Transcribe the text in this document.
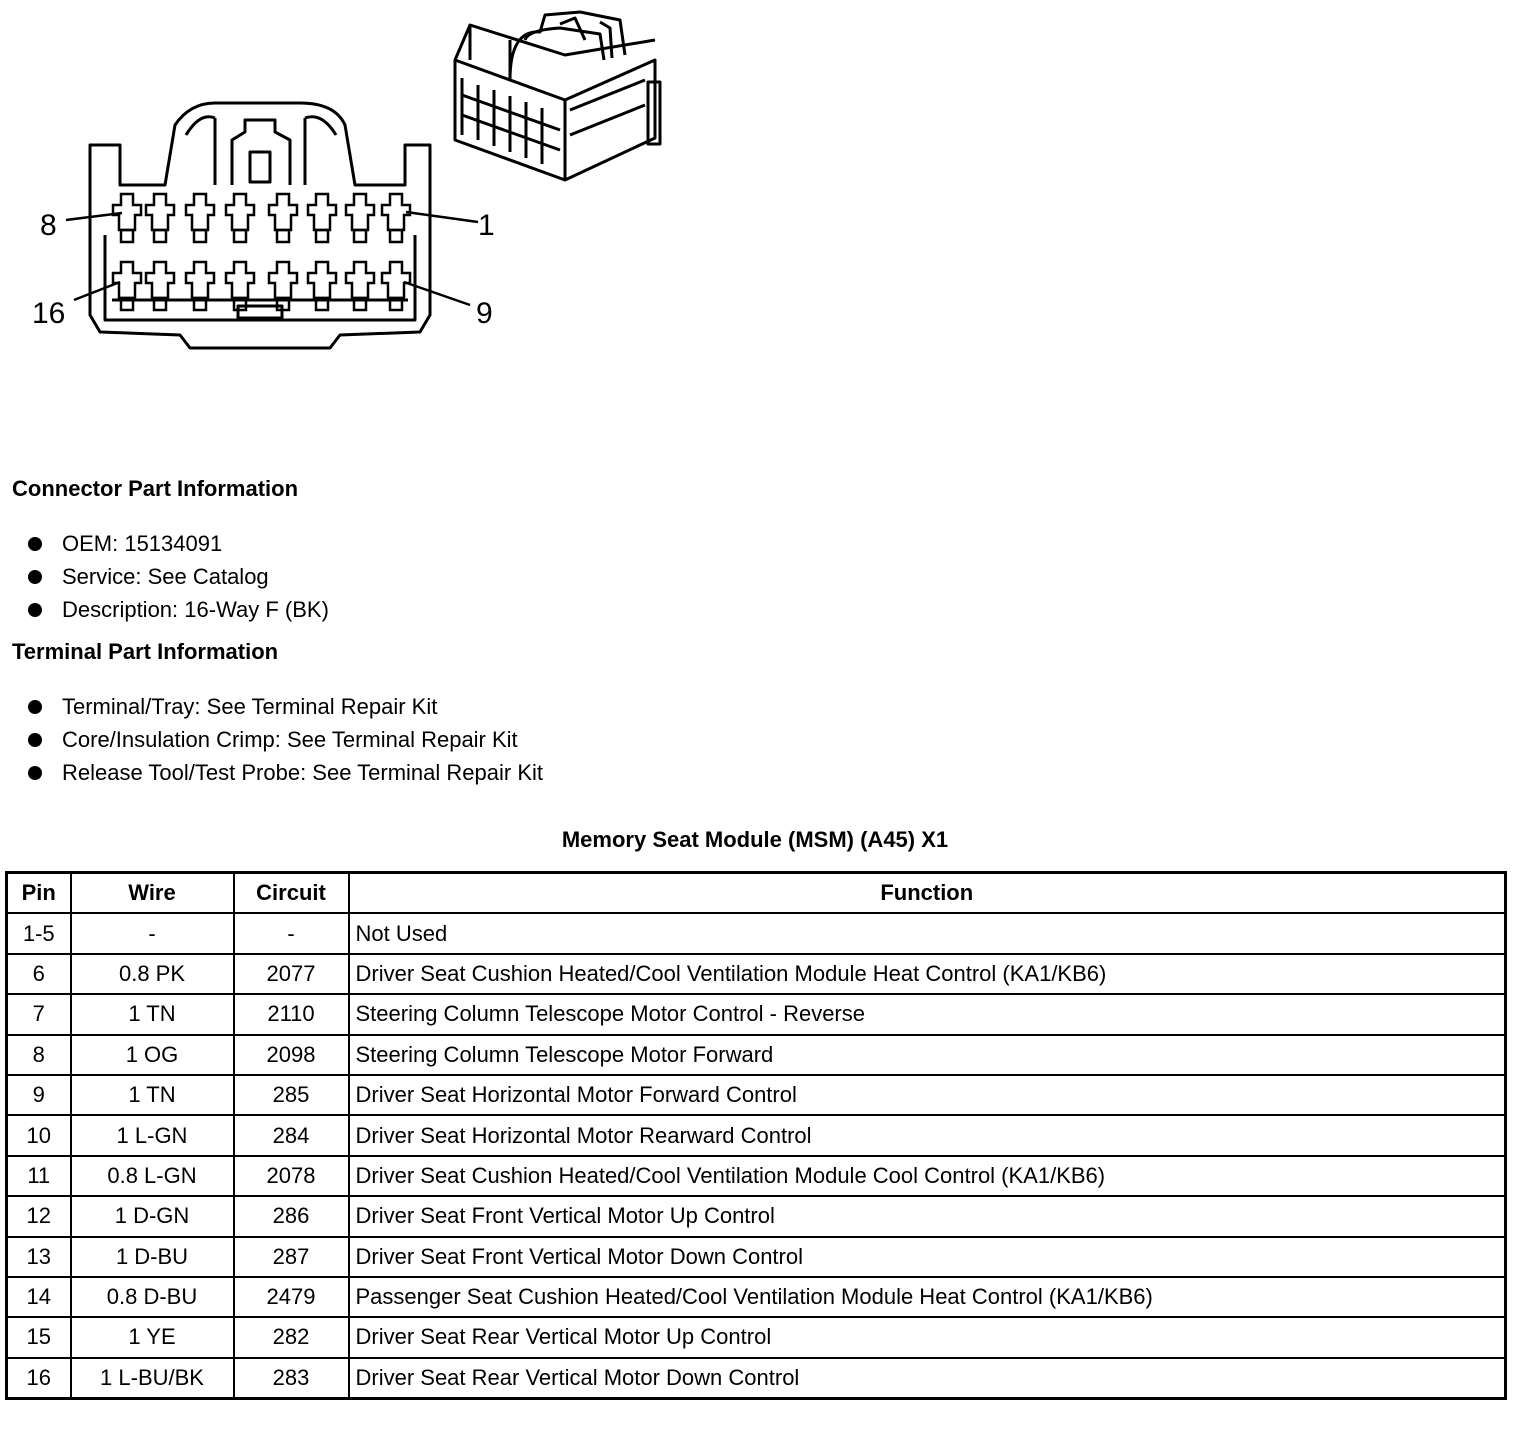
8	1
16	9
Connector Part Information
OEM: 15134091
Service: See Catalog
Description: 16-Way F (BK)
Terminal Part Information
Terminal/Tray: See Terminal Repair Kit
Core/Insulation Crimp: See Terminal Repair Kit
Release Tool/Test Probe: See Terminal Repair Kit
Memory Seat Module (MSM) (A45) X1
Pin	Wire	Circuit	Function
1-5	-	-	Not Used
6	0.8 PK	2077	Driver Seat Cushion Heated/Cool Ventilation Module Heat Control (KA1/KB6)
7	1 TN	2110	Steering Column Telescope Motor Control - Reverse
8	1 OG	2098	Steering Column Telescope Motor Forward
9	1 TN	285	Driver Seat Horizontal Motor Forward Control
10	1 L-GN	284	Driver Seat Horizontal Motor Rearward Control
11	0.8 L-GN	2078	Driver Seat Cushion Heated/Cool Ventilation Module Cool Control (KA1/KB6)
12	1 D-GN	286	Driver Seat Front Vertical Motor Up Control
13	1 D-BU	287	Driver Seat Front Vertical Motor Down Control
14	0.8 D-BU	2479	Passenger Seat Cushion Heated/Cool Ventilation Module Heat Control (KA1/KB6)
15	1 YE	282	Driver Seat Rear Vertical Motor Up Control
16	1 L-BU/BK	283	Driver Seat Rear Vertical Motor Down Control
